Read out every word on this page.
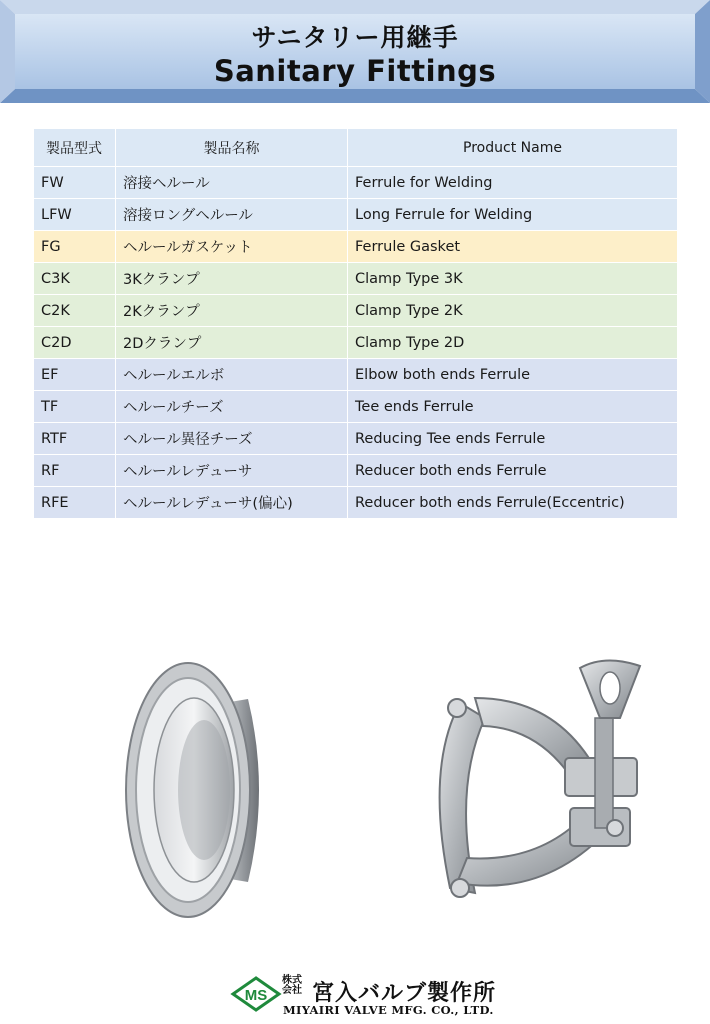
サニタリー用継手
Sanitary Fittings
製品型式	製品名称	Product Name
FW	溶接ヘルール	Ferrule for Welding
LFW	溶接ロングヘルール	Long Ferrule for Welding
FG	ヘルールガスケット	Ferrule Gasket
C3K	3Kクランプ	Clamp Type 3K
C2K	2Kクランプ	Clamp Type 2K
C2D	2Dクランプ	Clamp Type 2D
EF	ヘルールエルボ	Elbow both ends Ferrule
TF	ヘルールチーズ	Tee ends Ferrule
RTF	ヘルール異径チーズ	Reducing Tee ends Ferrule
RF	ヘルールレデューサ	Reducer both ends Ferrule
RFE	ヘルールレデューサ(偏心)	Reducer both ends Ferrule(Eccentric)
MS
株式会社 宮入バルブ製作所
MIYAIRI VALVE MFG. CO., LTD.
